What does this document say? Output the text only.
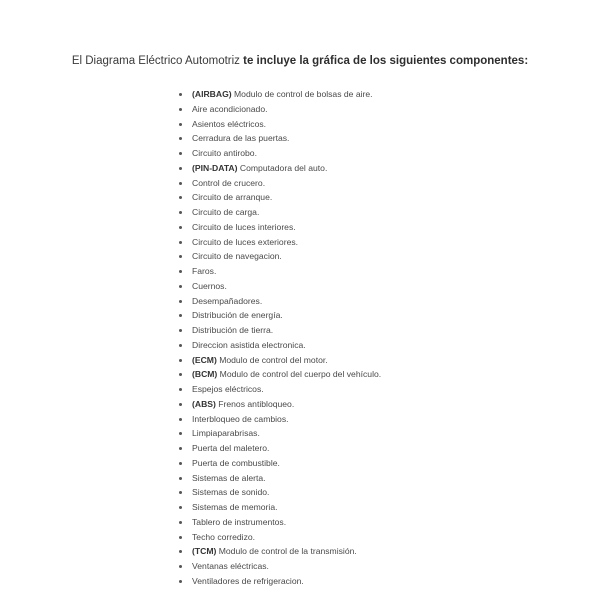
El Diagrama Eléctrico Automotriz te incluye la gráfica de los siguientes componentes:

(AIRBAG) Modulo de control de bolsas de aire.
Aire acondicionado.
Asientos eléctricos.
Cerradura de las puertas.
Circuito antirobo.
(PIN-DATA) Computadora del auto.
Control de crucero.
Circuito de arranque.
Circuito de carga.
Circuito de luces interiores.
Circuito de luces exteriores.
Circuito de navegacion.
Faros.
Cuernos.
Desempañadores.
Distribución de energía.
Distribución de tierra.
Direccion asistida electronica.
(ECM) Modulo de control del motor.
(BCM) Modulo de control del cuerpo del vehículo.
Espejos eléctricos.
(ABS) Frenos antibloqueo.
Interbloqueo de cambios.
Limpiaparabrisas.
Puerta del maletero.
Puerta de combustible.
Sistemas de alerta.
Sistemas de sonido.
Sistemas de memoria.
Tablero de instrumentos.
Techo corredizo.
(TCM) Modulo de control de la transmisión.
Ventanas eléctricas.
Ventiladores de refrigeracion.
